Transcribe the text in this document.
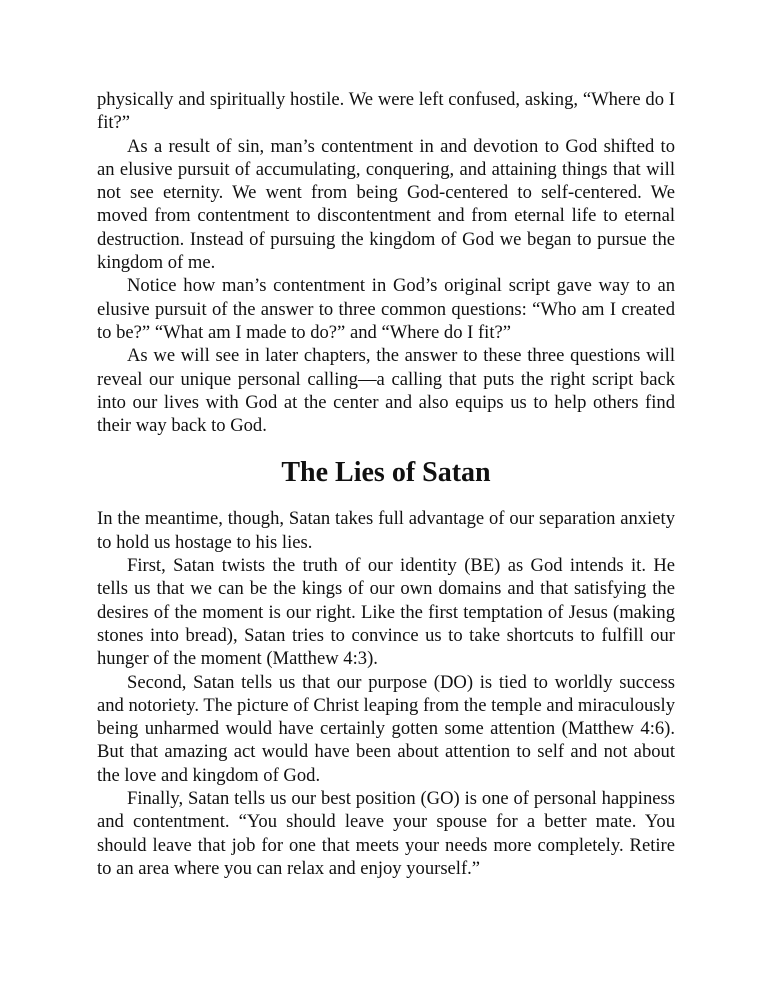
physically and spiritually hostile. We were left confused, asking, “Where do I fit?”

As a result of sin, man’s contentment in and devotion to God shifted to an elusive pursuit of accumulating, conquering, and attaining things that will not see eternity. We went from being God-centered to self-centered. We moved from contentment to discontentment and from eternal life to eternal destruction. Instead of pursuing the kingdom of God we began to pursue the kingdom of me.

Notice how man’s contentment in God’s original script gave way to an elusive pursuit of the answer to three common questions: “Who am I created to be?” “What am I made to do?” and “Where do I fit?”

As we will see in later chapters, the answer to these three questions will reveal our unique personal calling—a calling that puts the right script back into our lives with God at the center and also equips us to help others find their way back to God.

The Lies of Satan

In the meantime, though, Satan takes full advantage of our separation anxiety to hold us hostage to his lies.

First, Satan twists the truth of our identity (BE) as God intends it. He tells us that we can be the kings of our own domains and that satisfying the desires of the moment is our right. Like the first temptation of Jesus (making stones into bread), Satan tries to convince us to take shortcuts to fulfill our hunger of the moment (Matthew 4:3).

Second, Satan tells us that our purpose (DO) is tied to worldly success and notoriety. The picture of Christ leaping from the temple and miraculously being unharmed would have certainly gotten some attention (Matthew 4:6). But that amazing act would have been about attention to self and not about the love and kingdom of God.

Finally, Satan tells us our best position (GO) is one of personal happiness and contentment. “You should leave your spouse for a better mate. You should leave that job for one that meets your needs more completely. Retire to an area where you can relax and enjoy yourself.”
